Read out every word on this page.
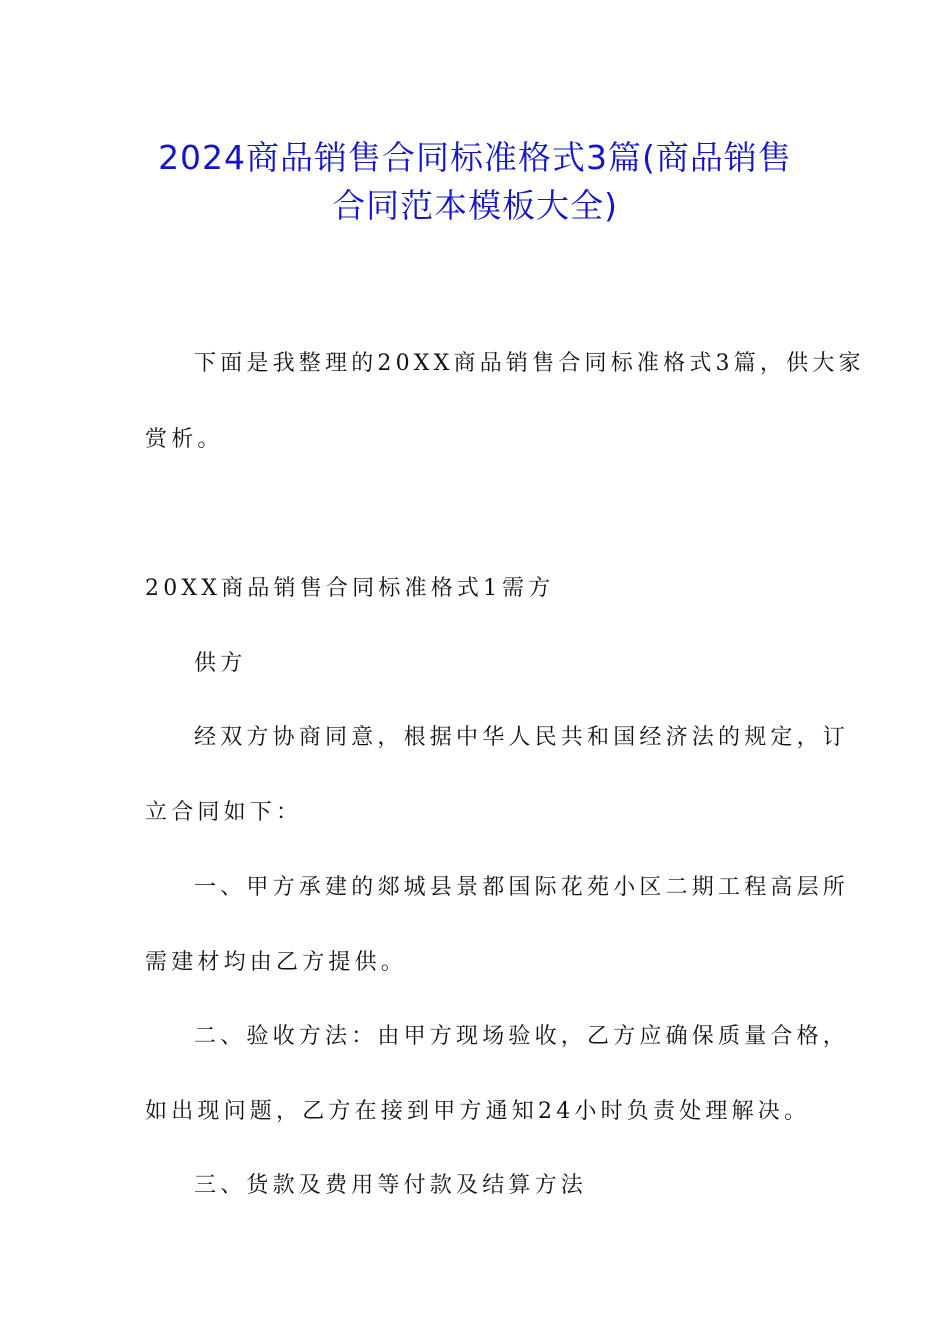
2024商品销售合同标准格式3篇(商品销售
合同范本模板大全)

下面是我整理的20XX商品销售合同标准格式3篇，供大家

赏析。

20XX商品销售合同标准格式1 需方

供方

经双方协商同意，根据中华人民共和国经济法的规定，订

立合同如下：

一、甲方承建的郯城县景都国际花苑小区二期工程高层所

需建材均由乙方提供。

二、验收方法：由甲方现场验收，乙方应确保质量合格，

如出现问题，乙方在接到甲方通知24小时负责处理解决。

三、货款及费用等付款及结算方法
